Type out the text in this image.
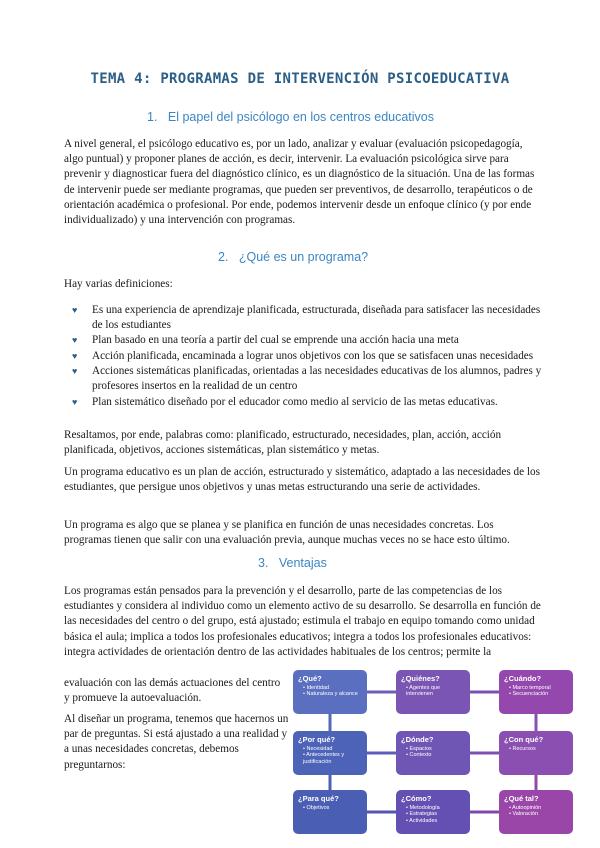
TEMA 4: PROGRAMAS DE INTERVENCIÓN PSICOEDUCATIVA
1. El papel del psicólogo en los centros educativos
A nivel general, el psicólogo educativo es, por un lado, analizar y evaluar (evaluación psicopedagogía, algo puntual) y proponer planes de acción, es decir, intervenir. La evaluación psicológica sirve para prevenir y diagnosticar fuera del diagnóstico clínico, es un diagnóstico de la situación. Una de las formas de intervenir puede ser mediante programas, que pueden ser preventivos, de desarrollo, terapéuticos o de orientación académica o profesional. Por ende, podemos intervenir desde un enfoque clínico (y por ende individualizado) y una intervención con programas.
2. ¿Qué es un programa?
Hay varias definiciones:
♥ Es una experiencia de aprendizaje planificada, estructurada, diseñada para satisfacer las necesidades de los estudiantes
♥ Plan basado en una teoría a partir del cual se emprende una acción hacia una meta
♥ Acción planificada, encaminada a lograr unos objetivos con los que se satisfacen unas necesidades
♥ Acciones sistemáticas planificadas, orientadas a las necesidades educativas de los alumnos, padres y profesores insertos en la realidad de un centro
♥ Plan sistemático diseñado por el educador como medio al servicio de las metas educativas.
Resaltamos, por ende, palabras como: planificado, estructurado, necesidades, plan, acción, acción planificada, objetivos, acciones sistemáticas, plan sistemático y metas.
Un programa educativo es un plan de acción, estructurado y sistemático, adaptado a las necesidades de los estudiantes, que persigue unos objetivos y unas metas estructurando una serie de actividades.
Un programa es algo que se planea y se planifica en función de unas necesidades concretas. Los programas tienen que salir con una evaluación previa, aunque muchas veces no se hace esto último.
3. Ventajas
Los programas están pensados para la prevención y el desarrollo, parte de las competencias de los estudiantes y considera al individuo como un elemento activo de su desarrollo. Se desarrolla en función de las necesidades del centro o del grupo, está ajustado; estimula el trabajo en equipo tomando como unidad básica el aula; implica a todos los profesionales educativos; integra a todos los profesionales educativos: integra actividades de orientación dentro de las actividades habituales de los centros; permite la
evaluación con las demás actuaciones del centro y promueve la autoevaluación.
Al diseñar un programa, tenemos que hacernos un par de preguntas. Si está ajustado a una realidad y a unas necesidades concretas, debemos preguntarnos:
¿Qué?
• Identidad
• Naturaleza y alcance
¿Quiénes?
• Agentes que intervienen
¿Cuándo?
• Marco temporal
• Secuenciación
¿Por qué?
• Necesidad
• Antecedentes y justificación
¿Dónde?
• Espacios
• Contexto
¿Con qué?
• Recursos
¿Para qué?
• Objetivos
¿Cómo?
• Metodología
• Estrategias
• Actividades
¿Qué tal?
• Autoopinión
• Valoración
